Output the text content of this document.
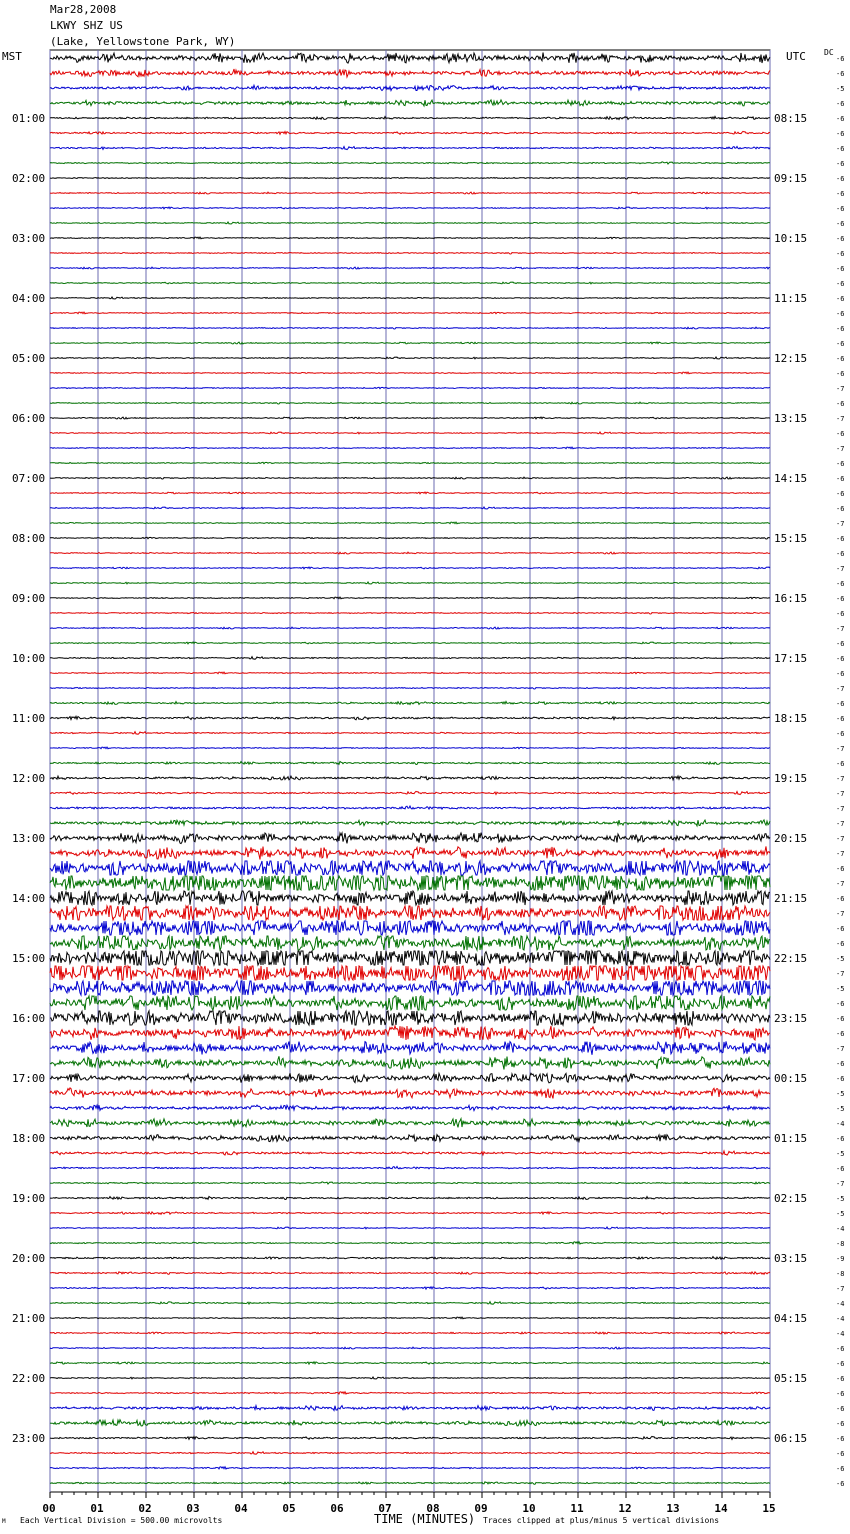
Mar28,2008
LKWY SHZ US
(Lake, Yellowstone Park, WY)
MST	UTC DC
00	01	02	03	04	05	06	07	08	09	10	11	12	13	14	15
-6
-6
-5
-6
-6
-6
-6
-6
-6
-6
-6
-6
-6
-6
-6
-6
-6
-6
-6
-6
-6
-6
-7
-6
-7
-6
-7
-6
-6
-6
-6
-7
-6
-6
-7
-6
-6
-6
-7
-6
-6
-6
-7
-6
-6
-6
-7
-6
-7
-7
-7
-7
-7
-7
-6
-7
-6
-7
-6
-6
-5
-7
-5
-6
-6
-6
-7
-6
-6
-5
-5
-4
-6
-5
-6
-7
-5
-5
-4
-8
-9
-8
-7
-4
-4
-4
-6
-6
-6
-6
-6
-6
-6
-6
-6
-6
01:00
02:00
03:00
04:00
05:00
06:00
07:00
08:00
09:00
10:00
11:00
12:00
13:00
14:00
15:00
16:00
17:00
18:00
19:00
20:00
21:00
22:00
23:00
08:15
09:15
10:15
11:15
12:15
13:15
14:15
15:15
16:15
17:15
18:15
19:15
20:15
21:15
22:15
23:15
00:15
01:15
02:15
03:15
04:15
05:15
06:15
TIME (MINUTES)
Each Vertical Division = 500.00 microvolts	Traces clipped at plus/minus 5 vertical divisions
M
